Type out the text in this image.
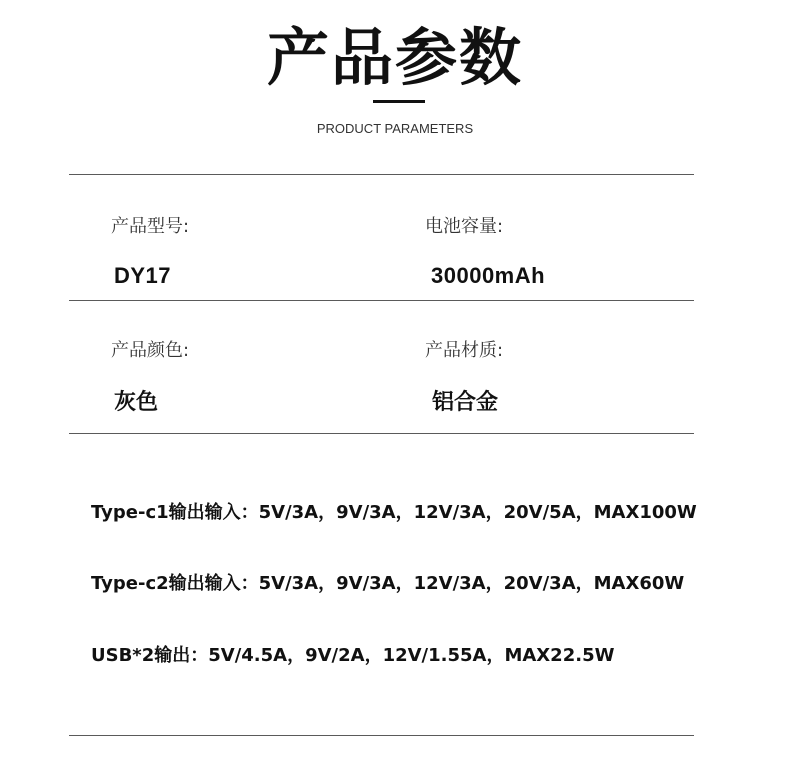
产品参数
PRODUCT PARAMETERS
产品型号:	电池容量:
DY17	30000mAh
产品颜色:	产品材质:
灰色	铝合金
Type-c1输出输入：5V/3A，9V/3A，12V/3A，20V/5A，MAX100W
Type-c2输出输入：5V/3A，9V/3A，12V/3A，20V/3A，MAX60W
USB*2输出：5V/4.5A，9V/2A，12V/1.55A，MAX22.5W
